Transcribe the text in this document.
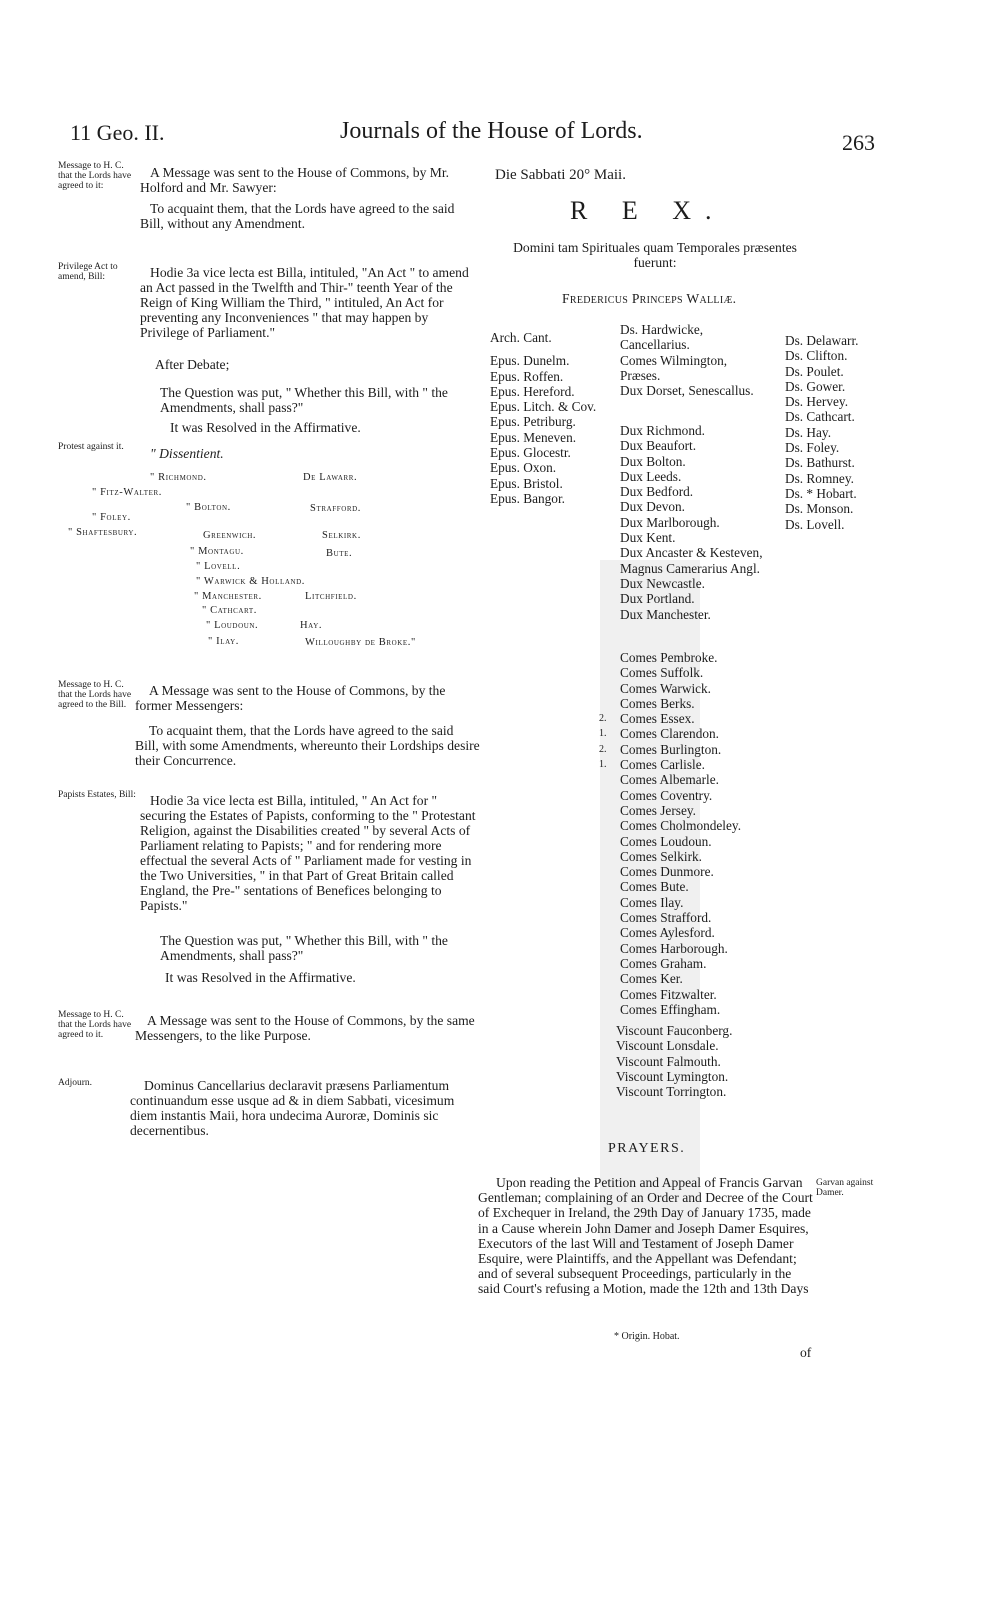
11 Geo. II.	Journals of the House of Lords.	263
Message to H. C. that the Lords have agreed to it:
A Message was sent to the House of Commons, by Mr. Holford and Mr. Sawyer:
To acquaint them, that the Lords have agreed to the said Bill, without any Amendment.
Privilege Act to amend, Bill:	Hodie 3a vice lecta est Billa, intituled, "An Act " to amend an Act passed in the Twelfth and Thir-" teenth Year of the Reign of King William the Third, " intituled, An Act for preventing any Inconveniences " that may happen by Privilege of Parliament."
After Debate;
The Question was put, " Whether this Bill, with " the Amendments, shall pass?"
It was Resolved in the Affirmative.
Protest against it.	" Dissentient.
" Richmond.	De Lawarr.
" Fitz-Walter.
" Bolton.	Strafford.
" Foley.
" Shaftesbury.	Greenwich.	Selkirk.
" Montagu.	Bute.
" Lovell.
" Warwick & Holland.
" Manchester.	Litchfield.
" Cathcart.
" Loudoun.	Hay.
" Ilay.	Willoughby de Broke."
Message to H. C. that the Lords have agreed to the Bill.
A Message was sent to the House of Commons, by the former Messengers:
To acquaint them, that the Lords have agreed to the said Bill, with some Amendments, whereunto their Lordships desire their Concurrence.
Papists Estates, Bill:	Hodie 3a vice lecta est Billa, intituled, " An Act for " securing the Estates of Papists, conforming to the " Protestant Religion, against the Disabilities created " by several Acts of Parliament relating to Papists; " and for rendering more effectual the several Acts of " Parliament made for vesting in the Two Universities, " in that Part of Great Britain called England, the Pre-" sentations of Benefices belonging to Papists."
The Question was put, " Whether this Bill, with " the Amendments, shall pass?"
It was Resolved in the Affirmative.
Message to H. C. that the Lords have agreed to it.
A Message was sent to the House of Commons, by the same Messengers, to the like Purpose.
Adjourn.	Dominus Cancellarius declaravit præsens Parliamentum continuandum esse usque ad & in diem Sabbati, vicesimum diem instantis Maii, hora undecima Auroræ, Dominis sic decernentibus.
Die Sabbati 20° Maii.
R E X.
Domini tam Spirituales quam Temporales præsentes fuerunt:
Fredericus Princeps Walliæ.
Arch. Cant.
Epus. Dunelm.
Epus. Roffen.
Epus. Hereford.
Epus. Litch. & Cov.
Epus. Petriburg.
Epus. Meneven.
Epus. Glocestr.
Epus. Oxon.
Epus. Bristol.
Epus. Bangor.
Ds. Hardwicke, Cancellarius.
Comes Wilmington, Præses.
Dux Dorset, Senescallus.
Dux Richmond.
Dux Beaufort.
Dux Bolton.
Dux Leeds.
Dux Bedford.
Dux Devon.
Dux Marlborough.
Dux Kent.
Dux Ancaster & Kesteven, Magnus Camerarius Angl.
Dux Newcastle.
Dux Portland.
Dux Manchester.
Comes Pembroke.
Comes Suffolk.
Comes Warwick.
Comes Berks.
Comes Essex.
Comes Clarendon.
Comes Burlington.
Comes Carlisle.
Comes Albemarle.
Comes Coventry.
Comes Jersey.
Comes Cholmondeley.
Comes Loudoun.
Comes Selkirk.
Comes Dunmore.
Comes Bute.
Comes Ilay.
Comes Strafford.
Comes Aylesford.
Comes Harborough.
Comes Graham.
Comes Ker.
Comes Fitzwalter.
Comes Effingham.
2.
1.
2.
1.
Viscount Fauconberg.
Viscount Lonsdale.
Viscount Falmouth.
Viscount Lymington.
Viscount Torrington.
Ds. Delawarr.
Ds. Clifton.
Ds. Poulet.
Ds. Gower.
Ds. Hervey.
Ds. Cathcart.
Ds. Hay.
Ds. Foley.
Ds. Bathurst.
Ds. Romney.
Ds. * Hobart.
Ds. Monson.
Ds. Lovell.
PRAYERS.
Garvan against Damer.
Upon reading the Petition and Appeal of Francis Garvan Gentleman; complaining of an Order and Decree of the Court of Exchequer in Ireland, the 29th Day of January 1735, made in a Cause wherein John Damer and Joseph Damer Esquires, Executors of the last Will and Testament of Joseph Damer Esquire, were Plaintiffs, and the Appellant was Defendant; and of several subsequent Proceedings, particularly in the said Court's refusing a Motion, made the 12th and 13th Days
* Origin. Hobat.
of
